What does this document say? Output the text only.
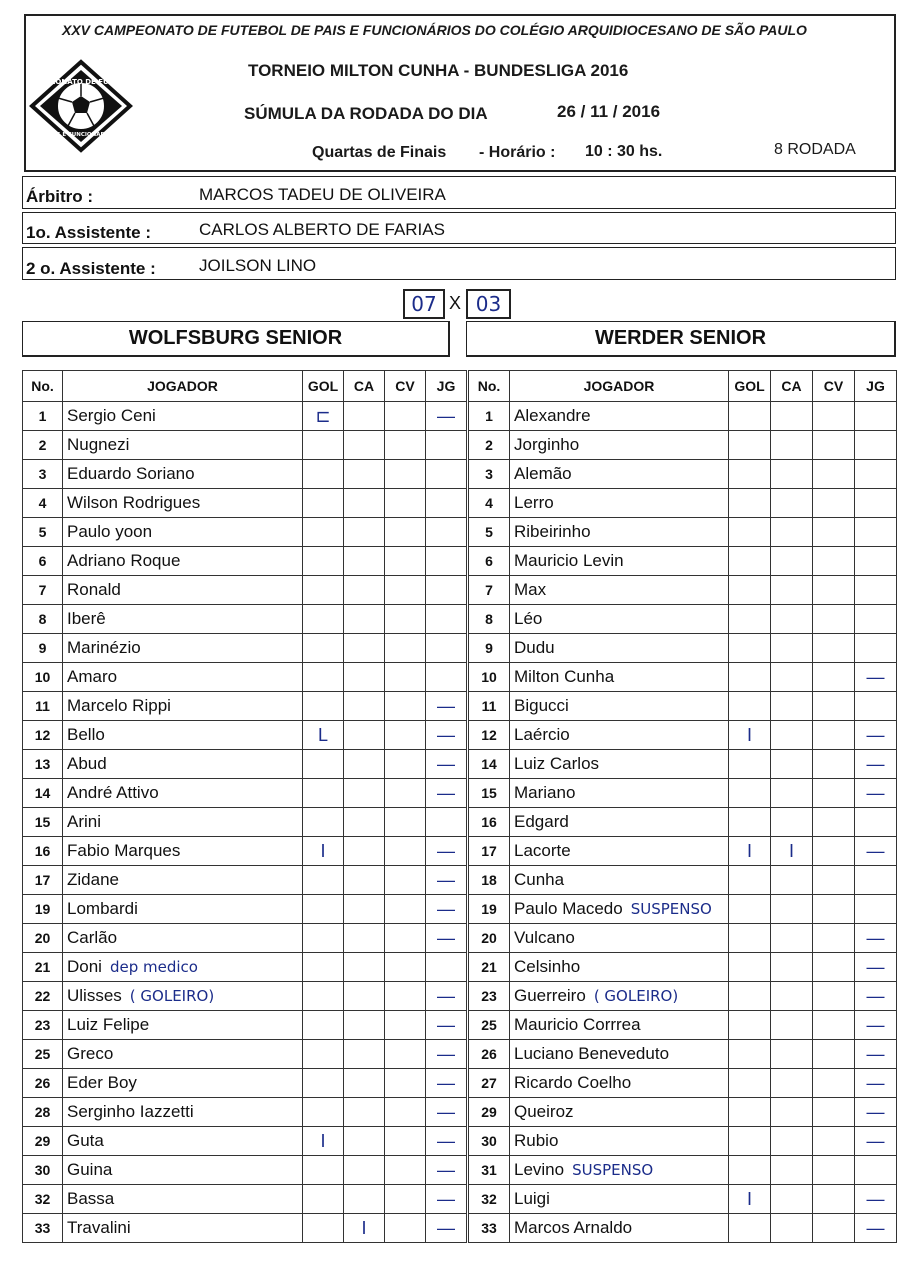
XXV CAMPEONATO DE FUTEBOL DE PAIS E FUNCIONÁRIOS DO COLÉGIO ARQUIDIOCESANO DE SÃO PAULO
CAMPEONATO DE FUTEBOL
PAIS E FUNCIONÁRIOS
TORNEIO MILTON CUNHA - BUNDESLIGA 2016
SÚMULA DA RODADA DO DIA	26 / 11 / 2016
Quartas de Finais - Horário : 10 : 30 hs.	8 RODADA
Árbitro :	MARCOS TADEU DE OLIVEIRA
1o. Assistente :	CARLOS ALBERTO DE FARIAS
2 o. Assistente :	JOILSON LINO
07 X 03
WOLFSBURG SENIOR	WERDER SENIOR
No.	JOGADOR	GOL	CA	CV	JG
1	Sergio Ceni	⊏			—
2	Nugnezi				
3	Eduardo Soriano				
4	Wilson Rodrigues				
5	Paulo yoon				
6	Adriano Roque				
7	Ronald				
8	Iberê				
9	Marinézio				
10	Amaro				
11	Marcelo Rippi				—
12	Bello	L			—
13	Abud				—
14	André Attivo				—
15	Arini				
16	Fabio Marques	I			—
17	Zidane				—
19	Lombardi				—
20	Carlão				—
21	Doni dep medico				
22	Ulisses ( GOLEIRO)				—
23	Luiz Felipe				—
25	Greco				—
26	Eder Boy				—
28	Serginho Iazzetti				—
29	Guta	I			—
30	Guina				—
32	Bassa				—
33	Travalini		I		—
No.	JOGADOR	GOL	CA	CV	JG
1	Alexandre				
2	Jorginho				
3	Alemão				
4	Lerro				
5	Ribeirinho				
6	Mauricio Levin				
7	Max				
8	Léo				
9	Dudu				
10	Milton Cunha				—
11	Bigucci				
12	Laércio	I			—
14	Luiz Carlos				—
15	Mariano				—
16	Edgard				
17	Lacorte	I	I		—
18	Cunha				
19	Paulo Macedo SUSPENSO				
20	Vulcano				—
21	Celsinho				—
23	Guerreiro ( GOLEIRO)				—
25	Mauricio Corrrea				—
26	Luciano Beneveduto				—
27	Ricardo Coelho				—
29	Queiroz				—
30	Rubio				—
31	Levino SUSPENSO				
32	Luigi	I			—
33	Marcos Arnaldo				—
